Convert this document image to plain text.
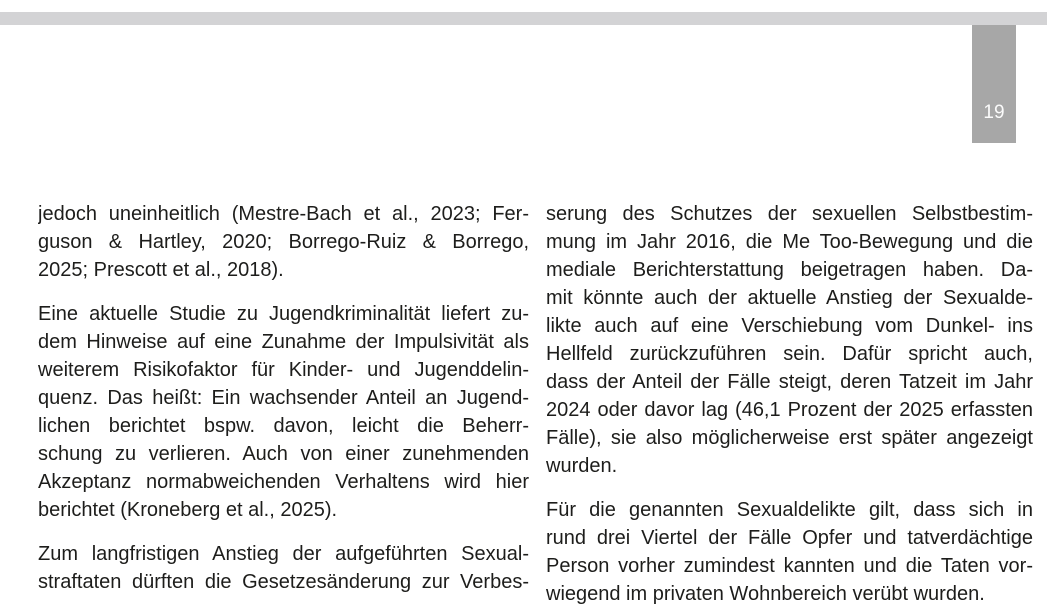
19
jedoch uneinheitlich (Mestre-Bach et al., 2023; Fer-
guson & Hartley, 2020; Borrego-Ruiz & Borrego,
2025; Prescott et al., 2018).
Eine aktuelle Studie zu Jugendkriminalität liefert zu-
dem Hinweise auf eine Zunahme der Impulsivität als
weiterem Risikofaktor für Kinder- und Jugenddelin-
quenz. Das heißt: Ein wachsender Anteil an Jugend-
lichen berichtet bspw. davon, leicht die Beherr-
schung zu verlieren. Auch von einer zunehmenden
Akzeptanz normabweichenden Verhaltens wird hier
berichtet (Kroneberg et al., 2025).
Zum langfristigen Anstieg der aufgeführten Sexual-
straftaten dürften die Gesetzesänderung zur Verbes-
serung des Schutzes der sexuellen Selbstbestim-
mung im Jahr 2016, die Me Too-Bewegung und die
mediale Berichterstattung beigetragen haben. Da-
mit könnte auch der aktuelle Anstieg der Sexualde-
likte auch auf eine Verschiebung vom Dunkel- ins
Hellfeld zurückzuführen sein. Dafür spricht auch,
dass der Anteil der Fälle steigt, deren Tatzeit im Jahr
2024 oder davor lag (46,1 Prozent der 2025 erfassten
Fälle), sie also möglicherweise erst später angezeigt
wurden.
Für die genannten Sexualdelikte gilt, dass sich in
rund drei Viertel der Fälle Opfer und tatverdächtige
Person vorher zumindest kannten und die Taten vor-
wiegend im privaten Wohnbereich verübt wurden.
